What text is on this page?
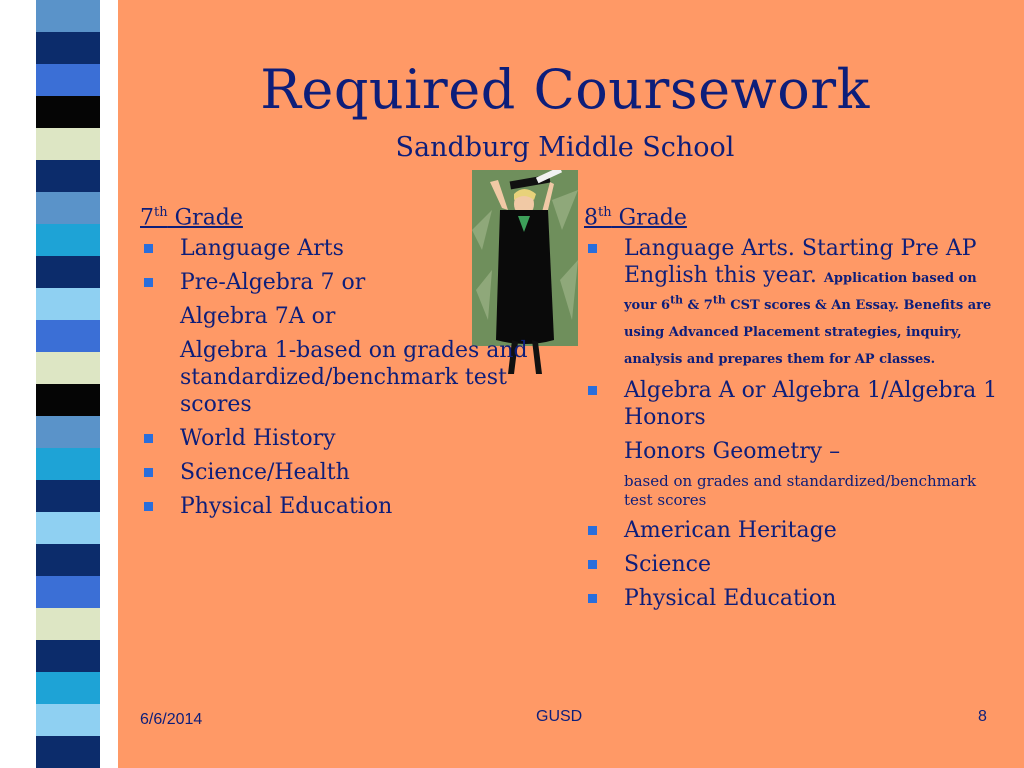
Required Coursework
Sandburg Middle School
7th Grade
Language Arts
Pre-Algebra 7 or
Algebra 7A or
Algebra 1-based on grades and standardized/benchmark test scores
World History
Science/Health
Physical Education
8th Grade
Language Arts. Starting Pre AP English this year. Application based on your 6th & 7th CST scores & An Essay. Benefits are using Advanced Placement strategies, inquiry, analysis and prepares them for AP classes.
Algebra A or Algebra 1/Algebra 1 Honors
Honors Geometry –
based on grades and standardized/benchmark test scores
American Heritage
Science
Physical Education
6/6/2014	GUSD	8
